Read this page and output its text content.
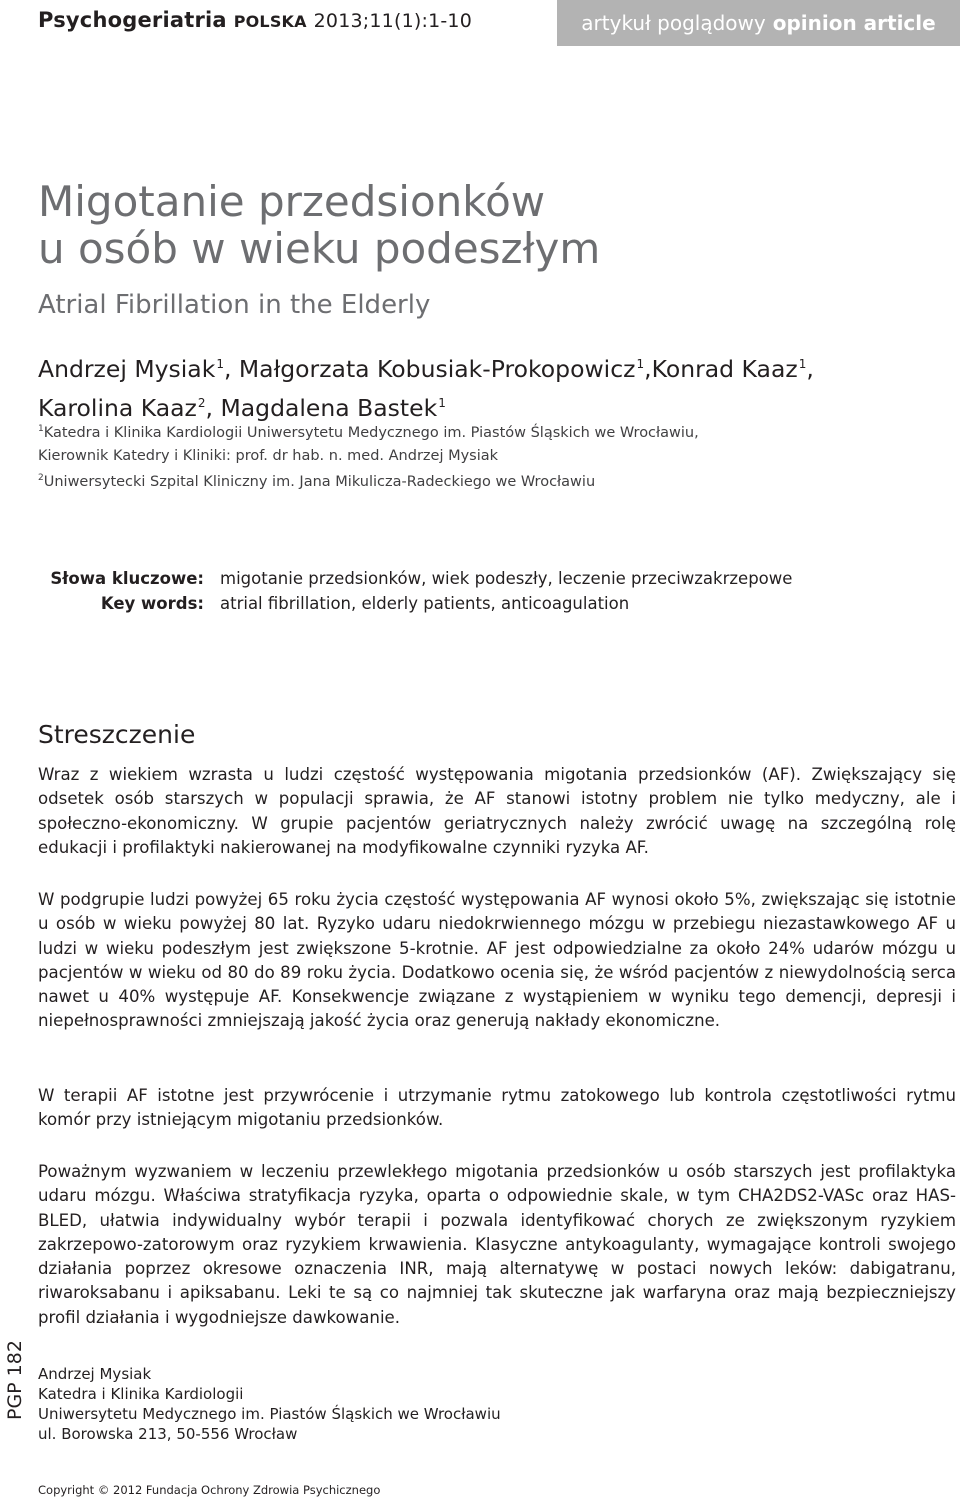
Psychogeriatria POLSKA 2013;11(1):1-10	artykuł poglądowy opinion article
Migotanie przedsionków
u osób w wieku podeszłym
Atrial Fibrillation in the Elderly
Andrzej Mysiak$^1$, Małgorzata Kobusiak-Prokopowicz$^1$,Konrad Kaaz$^1$,
Karolina Kaaz$^2$, Magdalena Bastek$^1$
$^1$Katedra i Klinika Kardiologii Uniwersytetu Medycznego im. Piastów Śląskich we Wrocławiu,
Kierownik Katedry i Kliniki: prof. dr hab. n. med. Andrzej Mysiak
$^2$Uniwersytecki Szpital Kliniczny im. Jana Mikulicza-Radeckiego we Wrocławiu
Słowa kluczowe:
Key words:
migotanie przedsionków, wiek podeszły, leczenie przeciwzakrzepowe
atrial fibrillation, elderly patients, anticoagulation
Streszczenie

Wraz z wiekiem wzrasta u ludzi częstość występowania migotania przedsionków (AF). Zwiększający się odsetek osób starszych w populacji sprawia, że AF stanowi istotny problem nie tylko medyczny, ale i społeczno-ekonomiczny. W grupie pacjentów geriatrycznych należy zwrócić uwagę na szczególną rolę edukacji i profilaktyki nakierowanej na modyfikowalne czynniki ryzyka AF.

W podgrupie ludzi powyżej 65 roku życia częstość występowania AF wynosi około 5%, zwiększając się istotnie u osób w wieku powyżej 80 lat. Ryzyko udaru niedokrwiennego mózgu w przebiegu niezastawkowego AF u ludzi w wieku podeszłym jest zwiększone 5-krotnie. AF jest odpowiedzialne za około 24% udarów mózgu u pacjentów w wieku od 80 do 89 roku życia. Dodatkowo ocenia się, że wśród pacjentów z niewydolnością serca nawet u 40% występuje AF. Konsekwencje związane z wystąpieniem w wyniku tego demencji, depresji i niepełnosprawności zmniejszają jakość życia oraz generują nakłady ekonomiczne.

W terapii AF istotne jest przywrócenie i utrzymanie rytmu zatokowego lub kontrola częstotliwości rytmu komór przy istniejącym migotaniu przedsionków.

Poważnym wyzwaniem w leczeniu przewlekłego migotania przedsionków u osób starszych jest profilaktyka udaru mózgu. Właściwa stratyfikacja ryzyka, oparta o odpowiednie skale, w tym CHA2DS2-VASc oraz HAS-BLED, ułatwia indywidualny wybór terapii i pozwala identyfikować chorych ze zwiększonym ryzykiem zakrzepowo-zatorowym oraz ryzykiem krwawienia. Klasyczne antykoagulanty, wymagające kontroli swojego działania poprzez okresowe oznaczenia INR, mają alternatywę w postaci nowych leków: dabigatranu, riwaroksabanu i apiksabanu. Leki te są co najmniej tak skuteczne jak warfaryna oraz mają bezpieczniejszy profil działania i wygodniejsze dawkowanie.

PGP 182 Andrzej Mysiak
Katedra i Klinika Kardiologii
Uniwersytetu Medycznego im. Piastów Śląskich we Wrocławiu
ul. Borowska 213, 50-556 Wrocław
Copyright © 2012 Fundacja Ochrony Zdrowia Psychicznego
